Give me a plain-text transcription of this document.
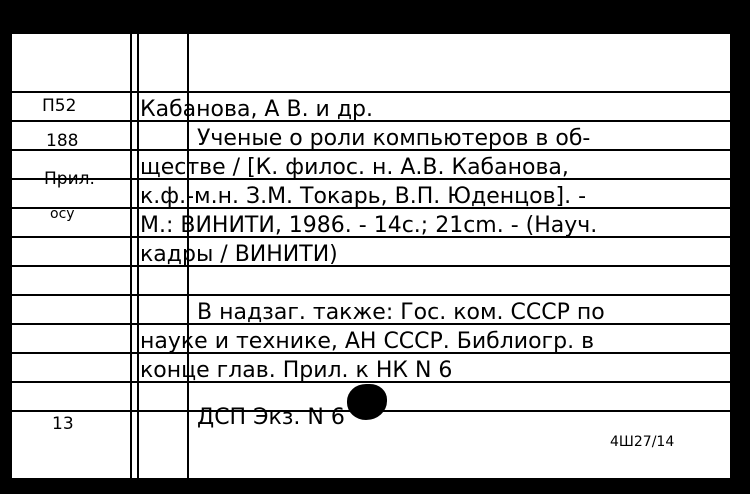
П52
188
Прил.
осу
13
Кабанова, А В. и др.
Ученые о роли компьютеров в об-
ществе / [К. филос. н. А.В. Кабанова,
к.ф.-м.н. З.М. Токарь, В.П. Юденцов]. -
М.: ВИНИТИ, 1986. - 14с.; 21cm. - (Науч.
кадры / ВИНИТИ)
В надзаг. также: Гос. ком. СССР по
науке и технике, АН СССР. Библиогр. в
конце глав. Прил. к НК N 6
ДСП Экз. N 6
4Ш27/14
